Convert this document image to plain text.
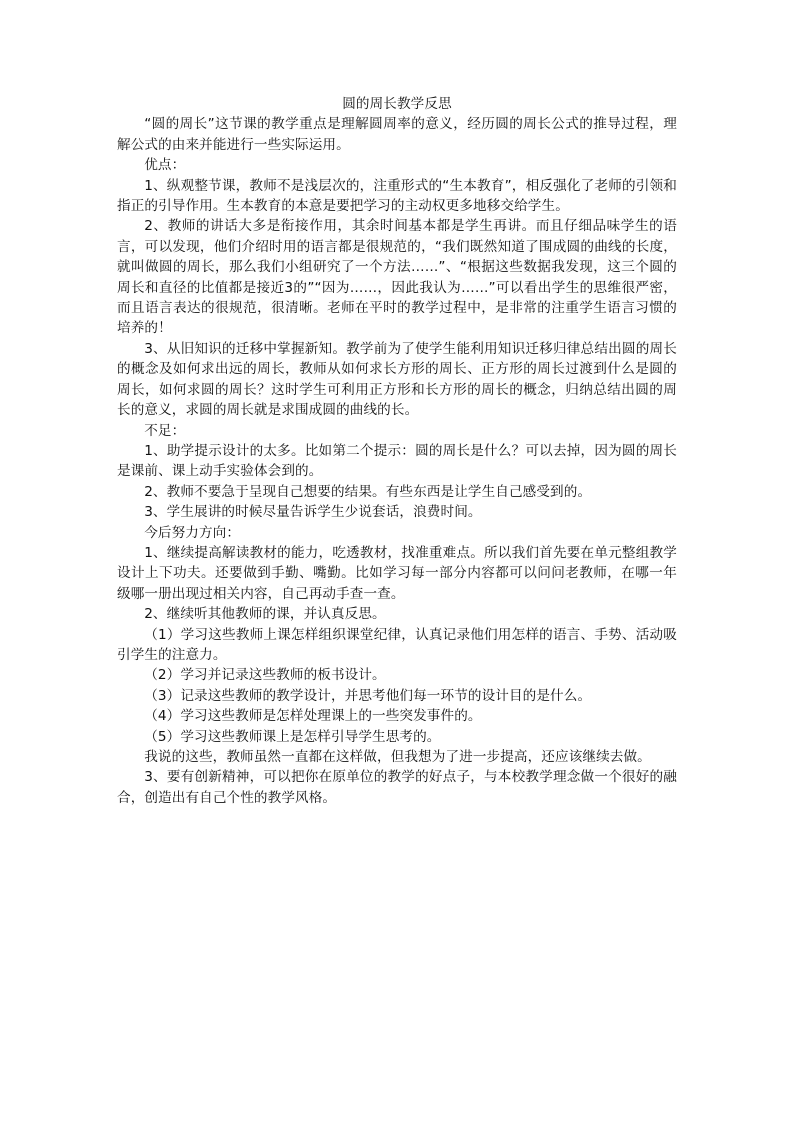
圆的周长教学反思

“圆的周长”这节课的教学重点是理解圆周率的意义，经历圆的周长公式的推导过程，理解公式的由来并能进行一些实际运用。

优点：

1、纵观整节课，教师不是浅层次的，注重形式的“生本教育”，相反强化了老师的引领和指正的引导作用。生本教育的本意是要把学习的主动权更多地移交给学生。

2、教师的讲话大多是衔接作用，其余时间基本都是学生再讲。而且仔细品味学生的语言，可以发现，他们介绍时用的语言都是很规范的，“我们既然知道了围成圆的曲线的长度，就叫做圆的周长，那么我们小组研究了一个方法……”、“根据这些数据我发现，这三个圆的周长和直径的比值都是接近3的”“因为……，因此我认为……”可以看出学生的思维很严密，而且语言表达的很规范，很清晰。老师在平时的教学过程中，是非常的注重学生语言习惯的培养的！

3、从旧知识的迁移中掌握新知。教学前为了使学生能利用知识迁移归律总结出圆的周长的概念及如何求出远的周长，教师从如何求长方形的周长、正方形的周长过渡到什么是圆的周长，如何求圆的周长？这时学生可利用正方形和长方形的周长的概念，归纳总结出圆的周长的意义，求圆的周长就是求围成圆的曲线的长。

不足：

1、助学提示设计的太多。比如第二个提示：圆的周长是什么？可以去掉，因为圆的周长是课前、课上动手实验体会到的。

2、教师不要急于呈现自己想要的结果。有些东西是让学生自己感受到的。

3、学生展讲的时候尽量告诉学生少说套话，浪费时间。

今后努力方向：

1、继续提高解读教材的能力，吃透教材，找准重难点。所以我们首先要在单元整组教学设计上下功夫。还要做到手勤、嘴勤。比如学习每一部分内容都可以问问老教师，在哪一年级哪一册出现过相关内容，自己再动手查一查。

2、继续听其他教师的课，并认真反思。

（1）学习这些教师上课怎样组织课堂纪律，认真记录他们用怎样的语言、手势、活动吸引学生的注意力。

（2）学习并记录这些教师的板书设计。

（3）记录这些教师的教学设计，并思考他们每一环节的设计目的是什么。

（4）学习这些教师是怎样处理课上的一些突发事件的。

（5）学习这些教师课上是怎样引导学生思考的。

我说的这些，教师虽然一直都在这样做，但我想为了进一步提高，还应该继续去做。

3、要有创新精神，可以把你在原单位的教学的好点子，与本校教学理念做一个很好的融合，创造出有自己个性的教学风格。
